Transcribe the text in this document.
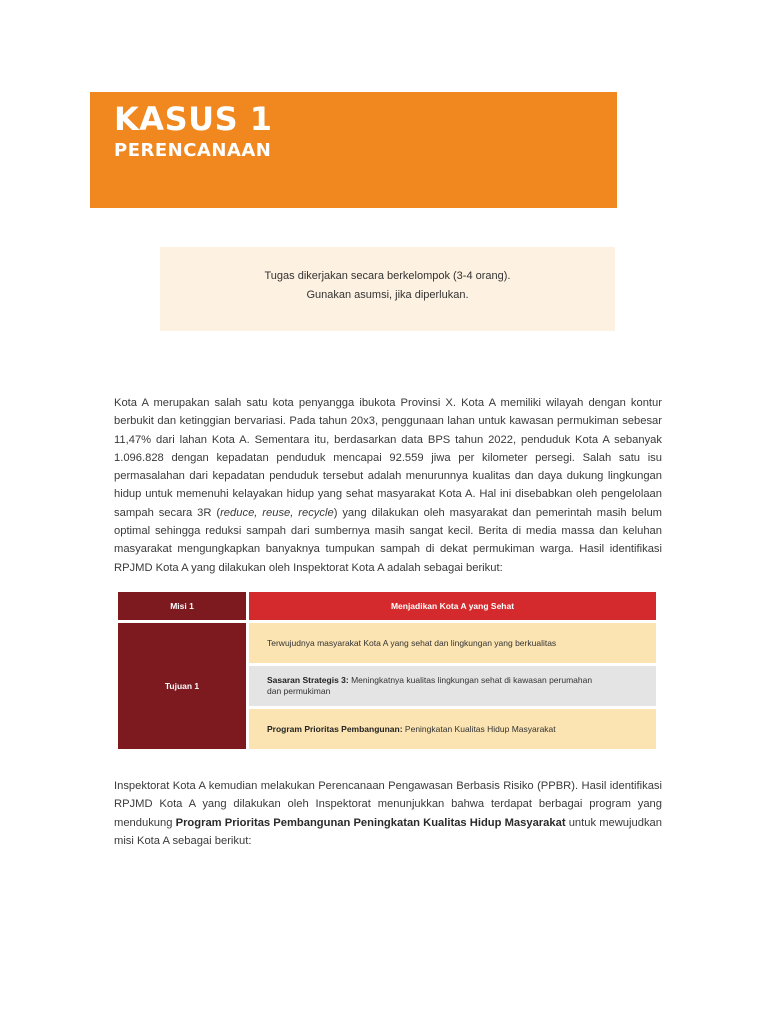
KASUS 1
PERENCANAAN
Tugas dikerjakan secara berkelompok (3-4 orang).
Gunakan asumsi, jika diperlukan.

Kota A merupakan salah satu kota penyangga ibukota Provinsi X. Kota A memiliki wilayah dengan kontur berbukit dan ketinggian bervariasi. Pada tahun 20x3, penggunaan lahan untuk kawasan permukiman sebesar 11,47% dari lahan Kota A. Sementara itu, berdasarkan data BPS tahun 2022, penduduk Kota A sebanyak 1.096.828 dengan kepadatan penduduk mencapai 92.559 jiwa per kilometer persegi. Salah satu isu permasalahan dari kepadatan penduduk tersebut adalah menurunnya kualitas dan daya dukung lingkungan hidup untuk memenuhi kelayakan hidup yang sehat masyarakat Kota A. Hal ini disebabkan oleh pengelolaan sampah secara 3R (reduce, reuse, recycle) yang dilakukan oleh masyarakat dan pemerintah masih belum optimal sehingga reduksi sampah dari sumbernya masih sangat kecil. Berita di media massa dan keluhan masyarakat mengungkapkan banyaknya tumpukan sampah di dekat permukiman warga. Hasil identifikasi RPJMD Kota A yang dilakukan oleh Inspektorat Kota A adalah sebagai berikut:

Misi 1	Menjadikan Kota A yang Sehat
Tujuan 1
Terwujudnya masyarakat Kota A yang sehat dan lingkungan yang berkualitas
Sasaran Strategis 3: Meningkatnya kualitas lingkungan sehat di kawasan perumahan dan permukiman
Program Prioritas Pembangunan: Peningkatan Kualitas Hidup Masyarakat

Inspektorat Kota A kemudian melakukan Perencanaan Pengawasan Berbasis Risiko (PPBR). Hasil identifikasi RPJMD Kota A yang dilakukan oleh Inspektorat menunjukkan bahwa terdapat berbagai program yang mendukung Program Prioritas Pembangunan Peningkatan Kualitas Hidup Masyarakat untuk mewujudkan misi Kota A sebagai berikut:
